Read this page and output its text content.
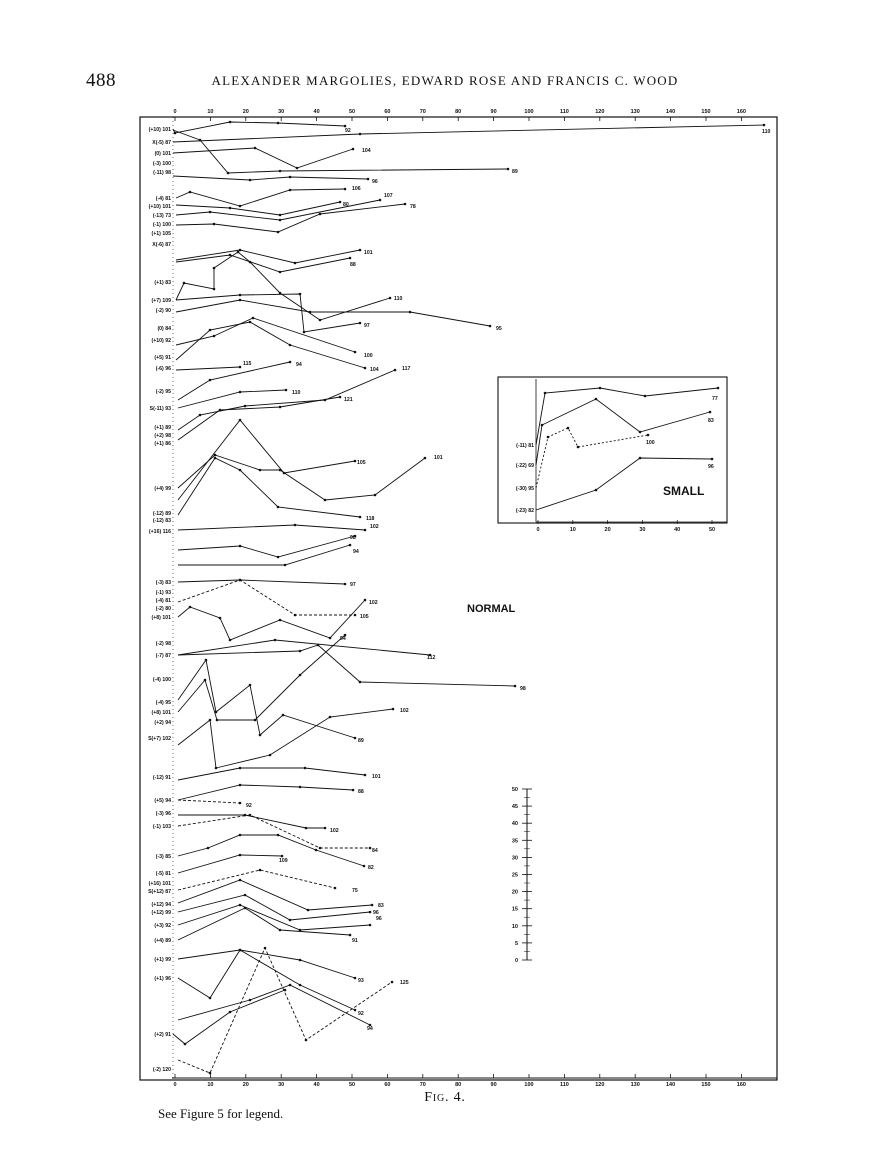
488	ALEXANDER MARGOLIES, EDWARD ROSE AND FRANCIS C. WOOD
0	10	20	30	40	50	60	70	80	90	100	110	120	130	140	150	160
0	10	20	30	40	50	60	70	80	90	100	110	120	130	140	150	160
(+10) 101
X(-5) 87
(0) 101
(-3) 100
(-11) 98
(-4) 81
(+10) 101
(-13) 73
(-1) 100
(+1) 105
X(-6) 87
(+1) 83
(+7) 109
(-2) 90
(0) 84
(+10) 92
(+5) 91
(-6) 96
(-2) 95
S(-11) 93
(+1) 89
(+2) 98
(+1) 86
(+4) 99
(-12) 89
(-12) 83
(+16) 116
(-3) 83
(-1) 93
(-4) 81
(-2) 80
(+8) 101
(-2) 98
(-7) 87
(-4) 100
(-4) 95
(+8) 101
(+2) 94
S(+7) 102
(-12) 91
(+5) 94
(-3) 96
(-1) 103
(-3) 85
(-5) 81
(+16) 101
S(+12) 87
(+12) 94
(+12) 99
(+3) 92
(+4) 89
(+1) 99
(+1) 96
(+2) 91
(-2) 120
92	110
104
89
96
106
80
107
78
101
88
110
97	95
100
104
115	94
110
117
121
101
105
118
102
98
94
97
105
102
112
98
89
94
102
101
88
92
102
84
82
109
75
83
96
96
91
93
92
94
125
NORMAL
0	10	20	30	40	50
(-11) 81
(-22) 69
(-30) 95
(-23) 82
77
83
100
96
SMALL
50
45
40
35
30
25
20
15
10
5
0
Fig. 4.
See Figure 5 for legend.
